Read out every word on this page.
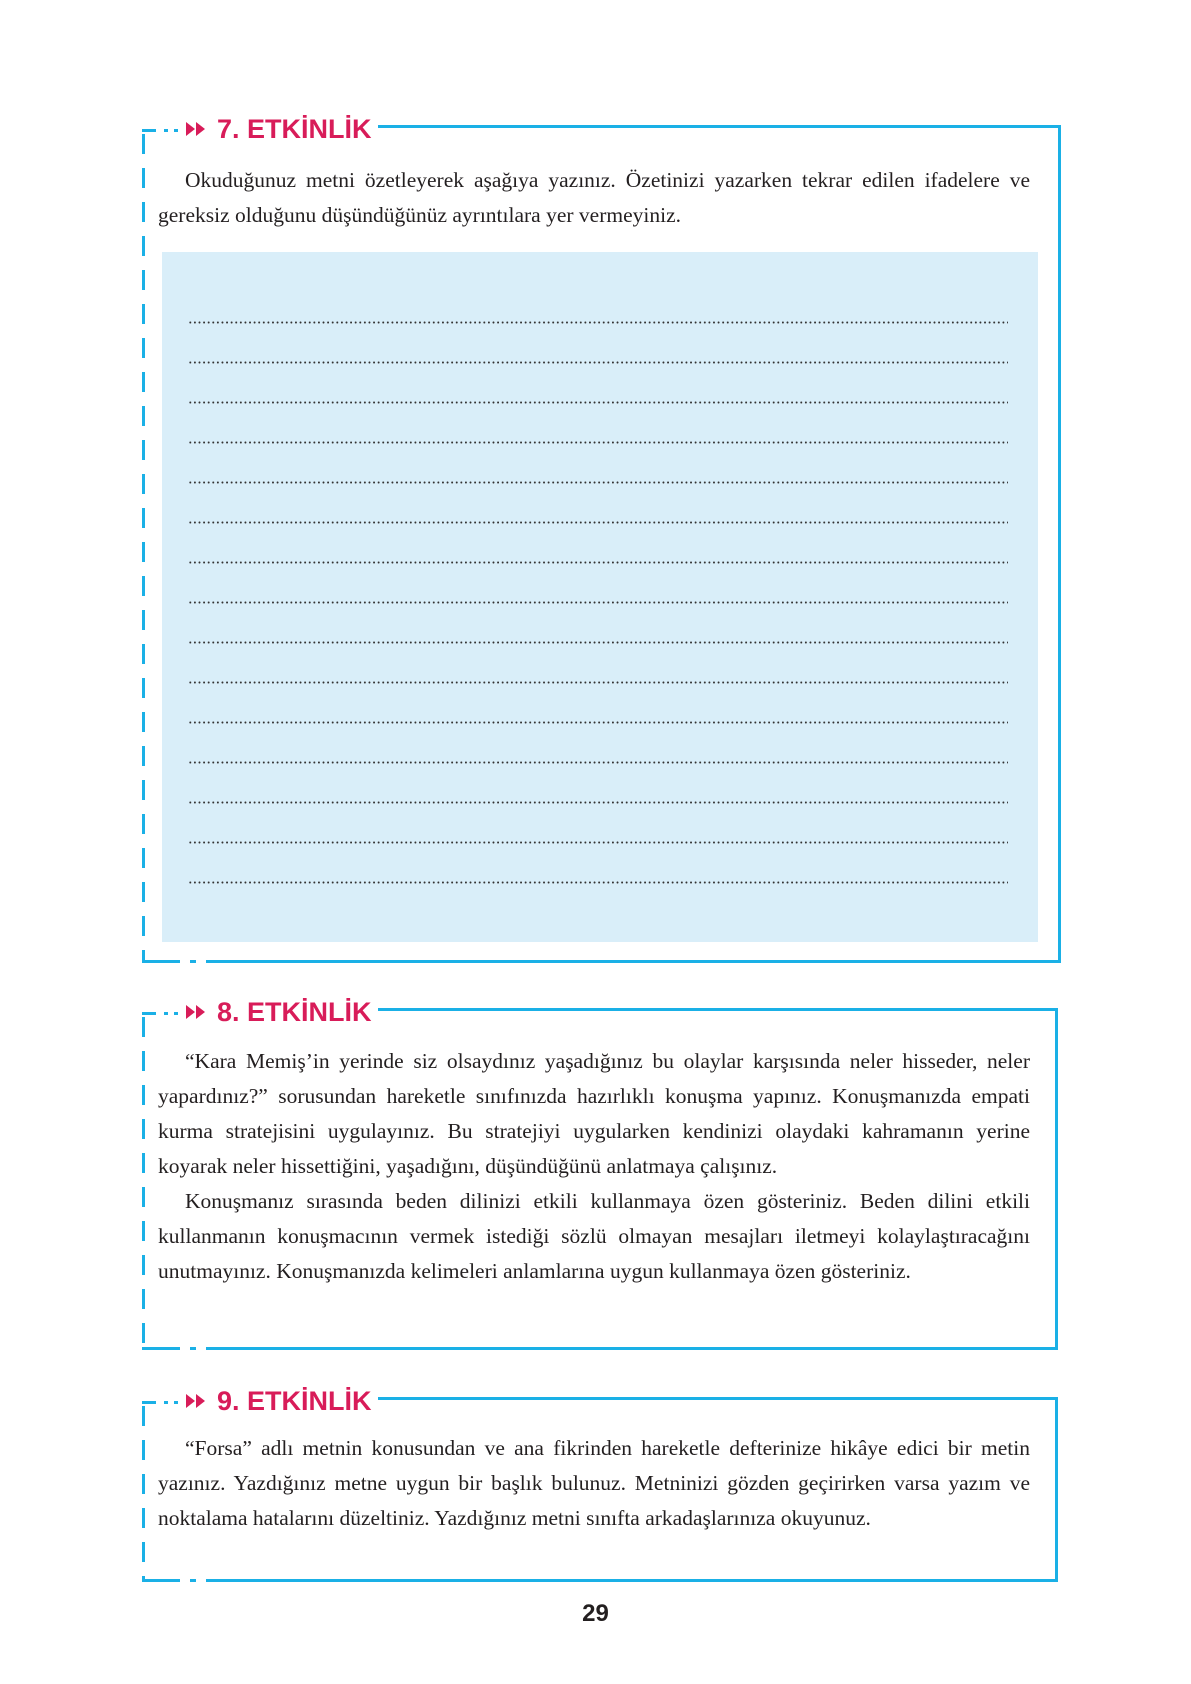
7. ETKİNLİK

Okuduğunuz metni özetleyerek aşağıya yazınız. Özetinizi yazarken tekrar edilen ifadelere ve gereksiz olduğunu düşündüğünüz ayrıntılara yer vermeyiniz.

8. ETKİNLİK

“Kara Memiş’in yerinde siz olsaydınız yaşadığınız bu olaylar karşısında neler hisseder, neler yapardınız?” sorusundan hareketle sınıfınızda hazırlıklı konuşma yapınız. Konuşmanızda empati kurma stratejisini uygulayınız. Bu stratejiyi uygularken kendinizi olaydaki kahramanın yerine koyarak neler hissettiğini, yaşadığını, düşündüğünü anlatmaya çalışınız.

Konuşmanız sırasında beden dilinizi etkili kullanmaya özen gösteriniz. Beden dilini etkili kullanmanın konuşmacının vermek istediği sözlü olmayan mesajları iletmeyi kolaylaştıracağını unutmayınız. Konuşmanızda kelimeleri anlamlarına uygun kullanmaya özen gösteriniz.

9. ETKİNLİK

“Forsa” adlı metnin konusundan ve ana fikrinden hareketle defterinize hikâye edici bir metin yazınız. Yazdığınız metne uygun bir başlık bulunuz. Metninizi gözden geçirirken varsa yazım ve noktalama hatalarını düzeltiniz. Yazdığınız metni sınıfta arkadaşlarınıza okuyunuz.

29
